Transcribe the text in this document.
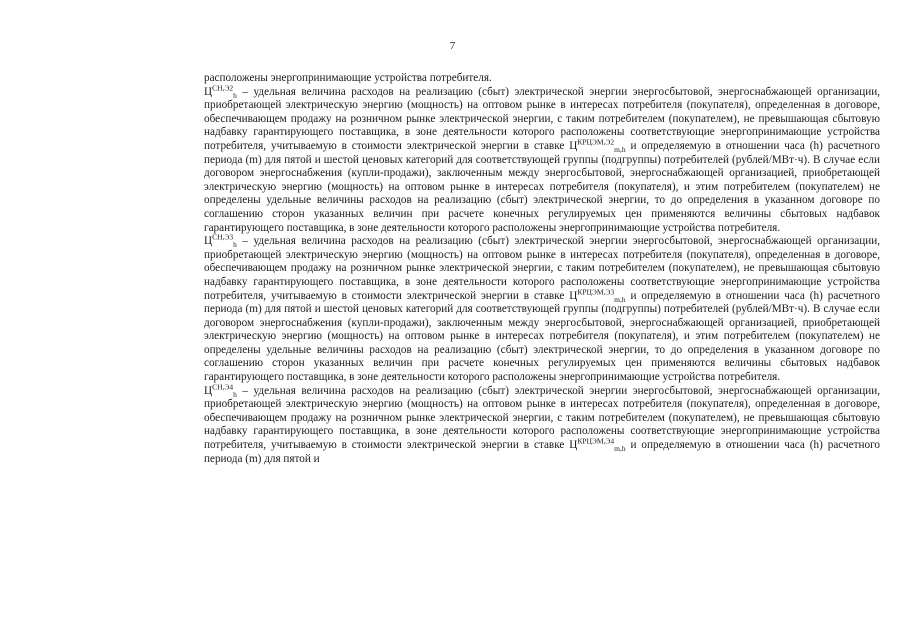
7

расположены энергопринимающие устройства потребителя.

$Ц^{СН,Э2}_h$ – удельная величина расходов на реализацию (сбыт) электрической энергии энергосбытовой, энергоснабжающей организации, приобретающей электрическую энергию (мощность) на оптовом рынке в интересах потребителя (покупателя), определенная в договоре, обеспечивающем продажу на розничном рынке электрической энергии, с таким потребителем (покупателем), не превышающая сбытовую надбавку гарантирующего поставщика, в зоне деятельности которого расположены соответствующие энергопринимающие устройства потребителя, учитываемую в стоимости электрической энергии в ставке $Ц^{КРЦЭМ,Э2}_{m,h}$ и определяемую в отношении часа (h) расчетного периода (m) для пятой и шестой ценовых категорий для соответствующей группы (подгруппы) потребителей (рублей/МВт·ч). В случае если договором энергоснабжения (купли-продажи), заключенным между энергосбытовой, энергоснабжающей организацией, приобретающей электрическую энергию (мощность) на оптовом рынке в интересах потребителя (покупателя), и этим потребителем (покупателем) не определены удельные величины расходов на реализацию (сбыт) электрической энергии, то до определения в указанном договоре по соглашению сторон указанных величин при расчете конечных регулируемых цен применяются величины сбытовых надбавок гарантирующего поставщика, в зоне деятельности которого расположены энергопринимающие устройства потребителя.

$Ц^{СН,Э3}_h$ – удельная величина расходов на реализацию (сбыт) электрической энергии энергосбытовой, энергоснабжающей организации, приобретающей электрическую энергию (мощность) на оптовом рынке в интересах потребителя (покупателя), определенная в договоре, обеспечивающем продажу на розничном рынке электрической энергии, с таким потребителем (покупателем), не превышающая сбытовую надбавку гарантирующего поставщика, в зоне деятельности которого расположены соответствующие энергопринимающие устройства потребителя, учитываемую в стоимости электрической энергии в ставке $Ц^{КРЦЭМ,Э3}_{m,h}$ и определяемую в отношении часа (h) расчетного периода (m) для пятой и шестой ценовых категорий для соответствующей группы (подгруппы) потребителей (рублей/МВт·ч). В случае если договором энергоснабжения (купли-продажи), заключенным между энергосбытовой, энергоснабжающей организацией, приобретающей электрическую энергию (мощность) на оптовом рынке в интересах потребителя (покупателя), и этим потребителем (покупателем) не определены удельные величины расходов на реализацию (сбыт) электрической энергии, то до определения в указанном договоре по соглашению сторон указанных величин при расчете конечных регулируемых цен применяются величины сбытовых надбавок гарантирующего поставщика, в зоне деятельности которого расположены энергопринимающие устройства потребителя.

$Ц^{СН,Э4}_h$ – удельная величина расходов на реализацию (сбыт) электрической энергии энергосбытовой, энергоснабжающей организации, приобретающей электрическую энергию (мощность) на оптовом рынке в интересах потребителя (покупателя), определенная в договоре, обеспечивающем продажу на розничном рынке электрической энергии, с таким потребителем (покупателем), не превышающая сбытовую надбавку гарантирующего поставщика, в зоне деятельности которого расположены соответствующие энергопринимающие устройства потребителя, учитываемую в стоимости электрической энергии в ставке $Ц^{КРЦЭМ,Э4}_{m,h}$ и определяемую в отношении часа (h) расчетного периода (m) для пятой и
